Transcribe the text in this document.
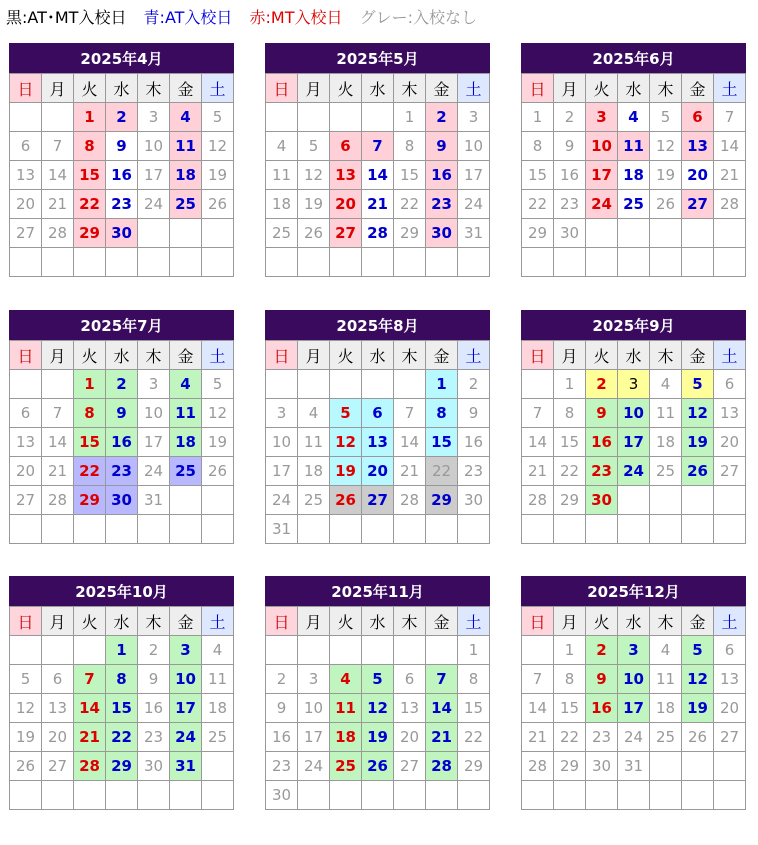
黒:AT･MT入校日 青:AT入校日 赤:MT入校日 グレー:入校なし
2025年4月
日	月	火	水	木	金	土
		1	2	3	4	5
6	7	8	9	10	11	12
13	14	15	16	17	18	19
20	21	22	23	24	25	26
27	28	29	30			

2025年5月
日	月	火	水	木	金	土
				1	2	3
4	5	6	7	8	9	10
11	12	13	14	15	16	17
18	19	20	21	22	23	24
25	26	27	28	29	30	31

2025年6月
日	月	火	水	木	金	土
1	2	3	4	5	6	7
8	9	10	11	12	13	14
15	16	17	18	19	20	21
22	23	24	25	26	27	28
29	30					

2025年7月
日	月	火	水	木	金	土
		1	2	3	4	5
6	7	8	9	10	11	12
13	14	15	16	17	18	19
20	21	22	23	24	25	26
27	28	29	30	31		

2025年8月
日	月	火	水	木	金	土
					1	2
3	4	5	6	7	8	9
10	11	12	13	14	15	16
17	18	19	20	21	22	23
24	25	26	27	28	29	30
31						
2025年9月
日	月	火	水	木	金	土
	1	2	3	4	5	6
7	8	9	10	11	12	13
14	15	16	17	18	19	20
21	22	23	24	25	26	27
28	29	30				

2025年10月
日	月	火	水	木	金	土
			1	2	3	4
5	6	7	8	9	10	11
12	13	14	15	16	17	18
19	20	21	22	23	24	25
26	27	28	29	30	31	

2025年11月
日	月	火	水	木	金	土
						1
2	3	4	5	6	7	8
9	10	11	12	13	14	15
16	17	18	19	20	21	22
23	24	25	26	27	28	29
30						
2025年12月
日	月	火	水	木	金	土
	1	2	3	4	5	6
7	8	9	10	11	12	13
14	15	16	17	18	19	20
21	22	23	24	25	26	27
28	29	30	31			
